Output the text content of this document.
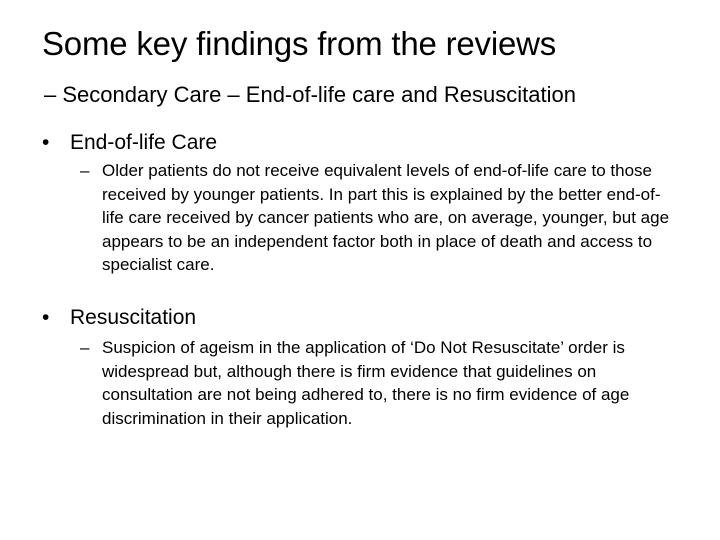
Some key findings from the reviews
– Secondary Care – End-of-life care and Resuscitation
• End-of-life Care
– Older patients do not receive equivalent levels of end-of-life care to those received by younger patients. In part this is explained by the better end-of-life care received by cancer patients who are, on average, younger, but age appears to be an independent factor both in place of death and access to specialist care.
• Resuscitation
– Suspicion of ageism in the application of ‘Do Not Resuscitate’ order is widespread but, although there is firm evidence that guidelines on consultation are not being adhered to, there is no firm evidence of age discrimination in their application.
